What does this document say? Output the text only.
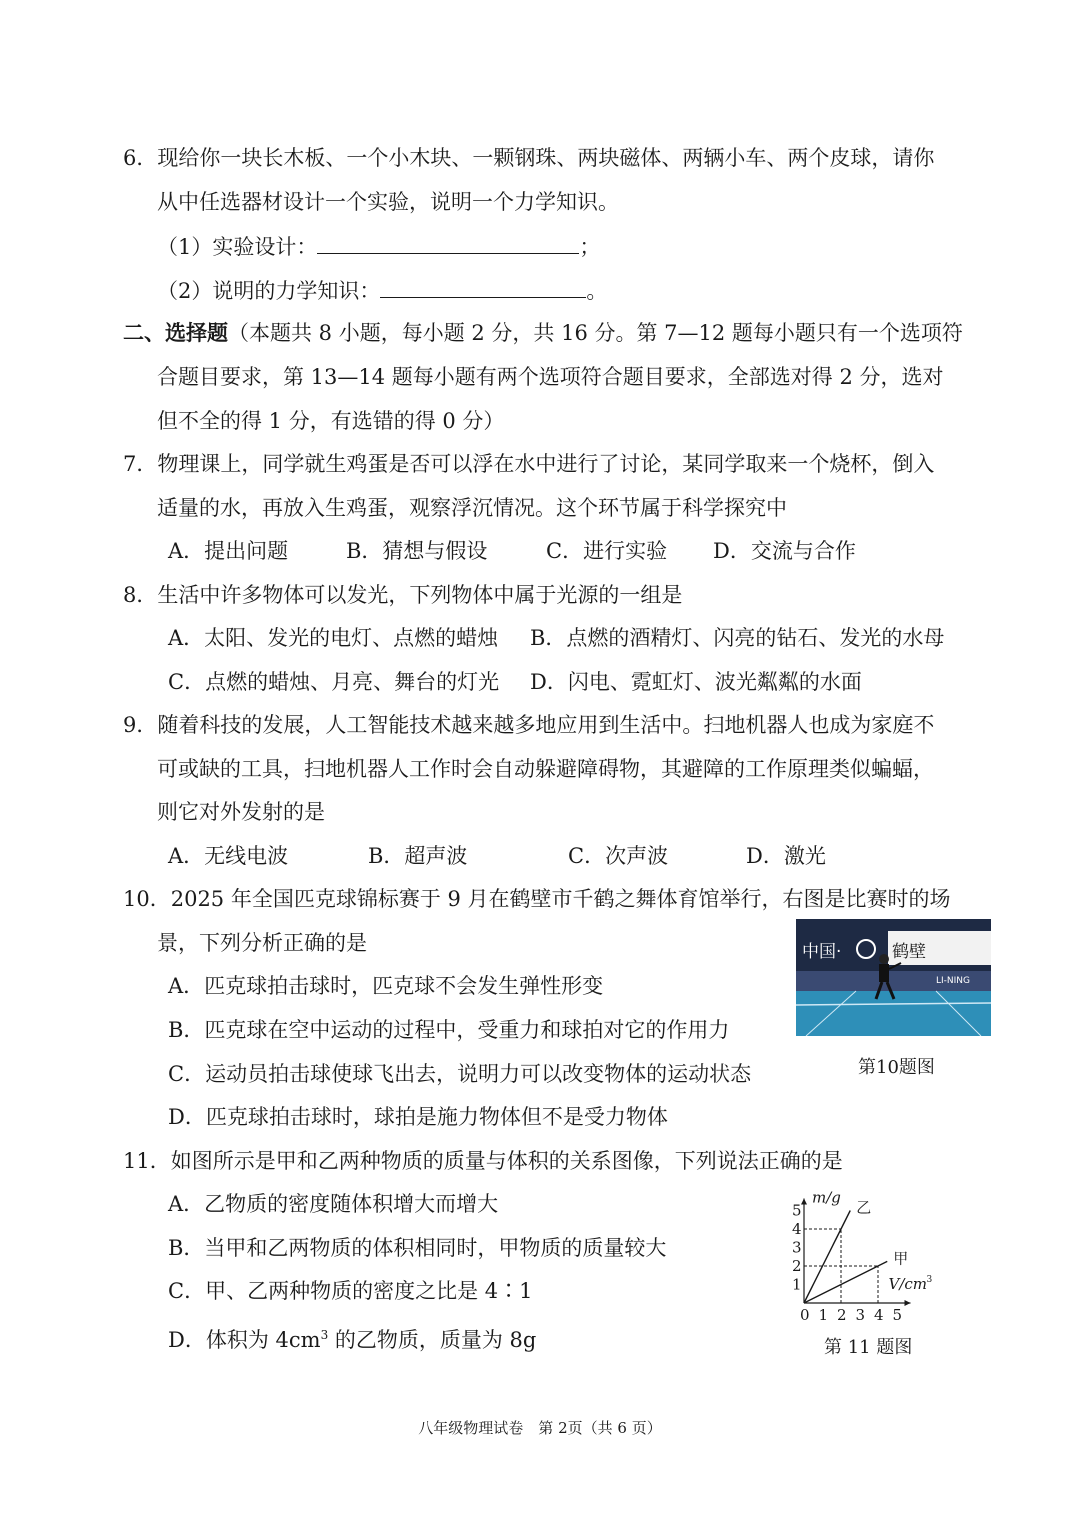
6．现给你一块长木板、一个小木块、一颗钢珠、两块磁体、两辆小车、两个皮球，请你
从中任选器材设计一个实验，说明一个力学知识。
（1）实验设计：	；
（2）说明的力学知识：	。
二、选择题（本题共 8 小题，每小题 2 分，共 16 分。第 7—12 题每小题只有一个选项符
合题目要求，第 13—14 题每小题有两个选项符合题目要求，全部选对得 2 分，选对
但不全的得 1 分，有选错的得 0 分）
7．物理课上，同学就生鸡蛋是否可以浮在水中进行了讨论，某同学取来一个烧杯，倒入
适量的水，再放入生鸡蛋，观察浮沉情况。这个环节属于科学探究中
A．提出问题	B．猜想与假设	C．进行实验 D．交流与合作
8．生活中许多物体可以发光，下列物体中属于光源的一组是
A．太阳、发光的电灯、点燃的蜡烛 B．点燃的酒精灯、闪亮的钻石、发光的水母
C．点燃的蜡烛、月亮、舞台的灯光 D．闪电、霓虹灯、波光粼粼的水面
9．随着科技的发展，人工智能技术越来越多地应用到生活中。扫地机器人也成为家庭不
可或缺的工具，扫地机器人工作时会自动躲避障碍物，其避障的工作原理类似蝙蝠，
则它对外发射的是
A．无线电波	B．超声波	C．次声波	D．激光
10．2025 年全国匹克球锦标赛于 9 月在鹤壁市千鹤之舞体育馆举行，右图是比赛时的场
景，下列分析正确的是
A．匹克球拍击球时，匹克球不会发生弹性形变
B．匹克球在空中运动的过程中，受重力和球拍对它的作用力
C．运动员拍击球使球飞出去，说明力可以改变物体的运动状态
D．匹克球拍击球时，球拍是施力物体但不是受力物体
中国·	鹤壁
LI-NING
第10题图
11．如图所示是甲和乙两种物质的质量与体积的关系图像，下列说法正确的是
A．乙物质的密度随体积增大而增大
B．当甲和乙两物质的体积相同时，甲物质的质量较大
C．甲、乙两种物质的密度之比是 4∶1
D．体积为 $4cm^3$ 的乙物质，质量为 8g
0 1 2 3 4 5
1
2
3
4
5	乙
甲
m/g
V/cm 3
第 11 题图
八年级物理试卷　第 2页（共 6 页）
